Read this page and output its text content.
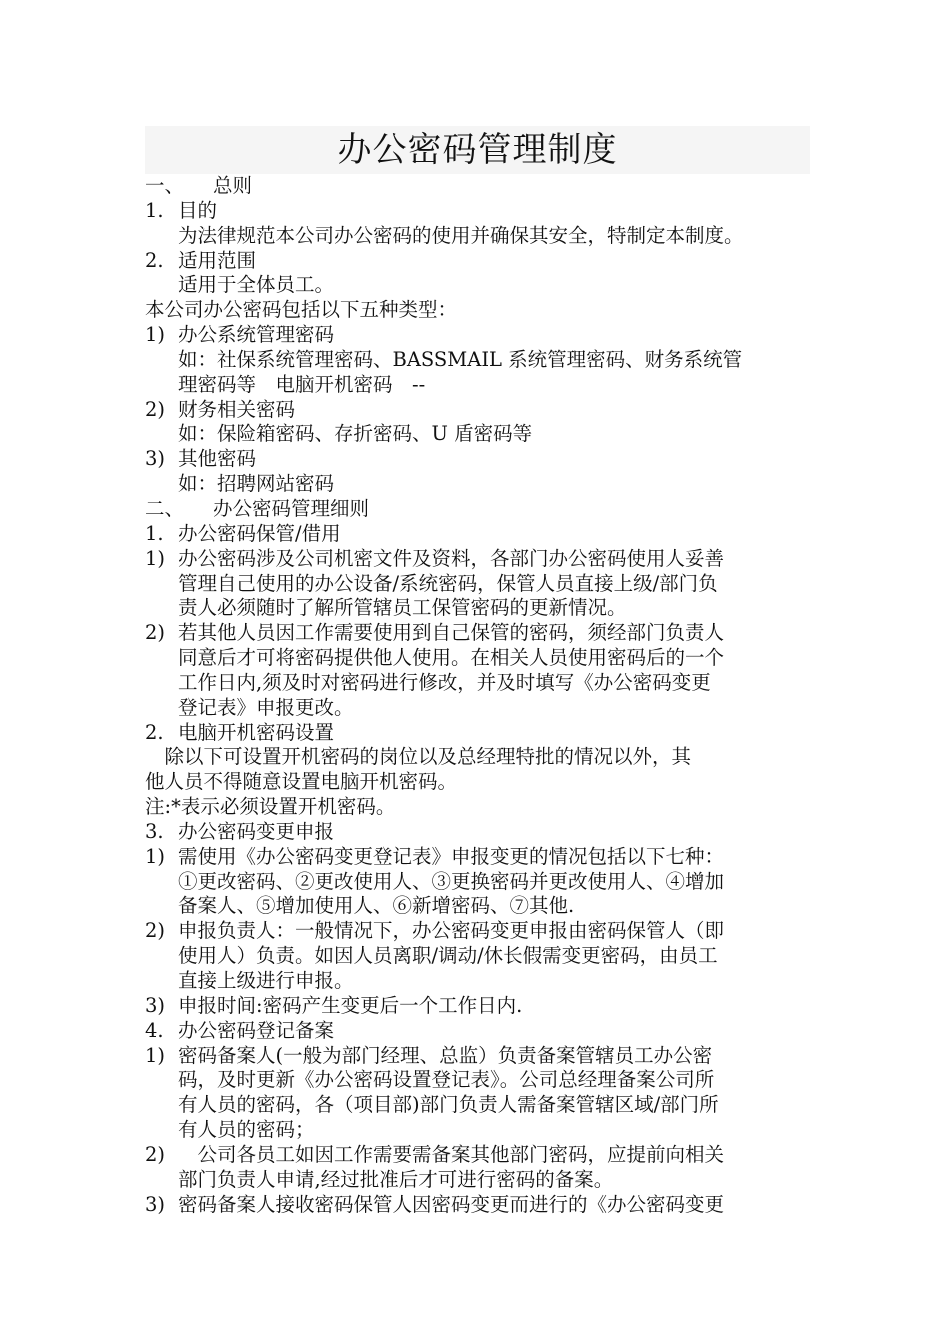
办公密码管理制度
一、 总则
1. 目的
为法律规范本公司办公密码的使用并确保其安全，特制定本制度。
2. 适用范围
适用于全体员工。
本公司办公密码包括以下五种类型：
1) 办公系统管理密码
如：社保系统管理密码、BASSMAIL 系统管理密码、财务系统管
理密码等　电脑开机密码　--
2) 财务相关密码
如：保险箱密码、存折密码、U 盾密码等
3) 其他密码
如：招聘网站密码
二、 办公密码管理细则
1. 办公密码保管/借用
1) 办公密码涉及公司机密文件及资料，各部门办公密码使用人妥善
管理自己使用的办公设备/系统密码，保管人员直接上级/部门负
责人必须随时了解所管辖员工保管密码的更新情况。
2) 若其他人员因工作需要使用到自己保管的密码，须经部门负责人
同意后才可将密码提供他人使用。在相关人员使用密码后的一个
工作日内,须及时对密码进行修改，并及时填写《办公密码变更
登记表》申报更改。
2. 电脑开机密码设置
　除以下可设置开机密码的岗位以及总经理特批的情况以外，其
他人员不得随意设置电脑开机密码。
注:*表示必须设置开机密码。
3. 办公密码变更申报
1) 需使用《办公密码变更登记表》申报变更的情况包括以下七种：
①更改密码、②更改使用人、③更换密码并更改使用人、④增加
备案人、⑤增加使用人、⑥新增密码、⑦其他.
2) 申报负责人：一般情况下，办公密码变更申报由密码保管人（即
使用人）负责。如因人员离职/调动/休长假需变更密码，由员工
直接上级进行申报。
3) 申报时间:密码产生变更后一个工作日内.
4. 办公密码登记备案
1) 密码备案人(一般为部门经理、总监）负责备案管辖员工办公密
码，及时更新《办公密码设置登记表》。公司总经理备案公司所
有人员的密码，各（项目部)部门负责人需备案管辖区域/部门所
有人员的密码；
2)　公司各员工如因工作需要需备案其他部门密码，应提前向相关
部门负责人申请,经过批准后才可进行密码的备案。
3) 密码备案人接收密码保管人因密码变更而进行的《办公密码变更
